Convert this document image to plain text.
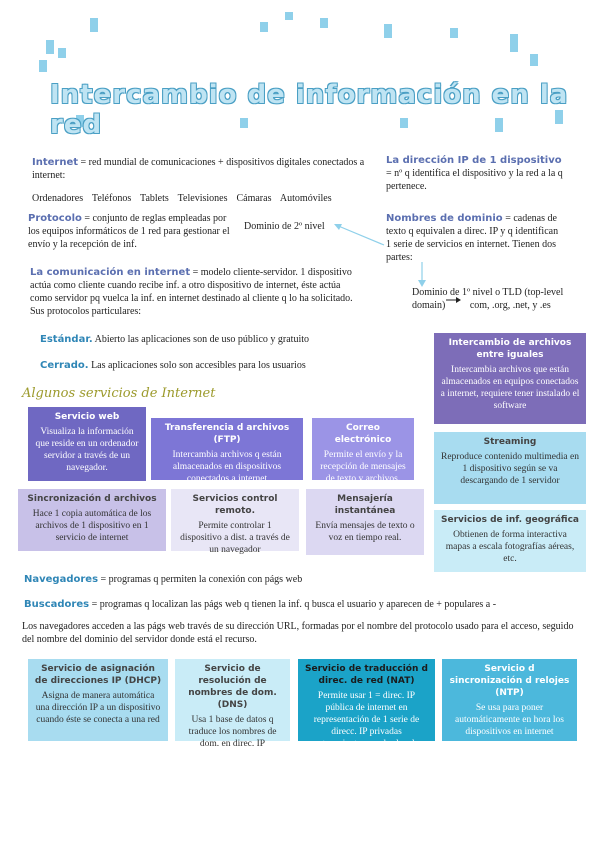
Intercambio de información en la red
Internet = red mundial de comunicaciones + dispositivos digitales conectados a internet:
Ordenadores Teléfonos Tablets Televisiones Cámaras Automóviles
Protocolo = conjunto de reglas empleadas por los equipos informáticos de 1 red para gestionar el envío y la recepción de inf.
Dominio de 2º nivel
La comunicación en internet = modelo cliente-servidor. 1 dispositivo actúa como cliente cuando recibe inf. a otro dispositivo de internet, éste actúa como servidor pq vuelca la inf. en internet destinado al cliente q lo ha solicitado. Sus protocolos particulares:
Estándar. Abierto las aplicaciones son de uso público y gratuito
Cerrado. Las aplicaciones solo son accesibles para los usuarios
La dirección IP de 1 dispositivo = nº q identifica el dispositivo y la red a la q pertenece.
Nombres de dominio = cadenas de texto q equivalen a direc. IP y q identifican 1 serie de servicios en internet. Tienen dos partes:
Dominio de 1º nivel o TLD (top-level
domain) com, .org, .net, y .es
Algunos servicios de Internet
Servicio web
Visualiza la información que reside en un ordenador servidor a través de un navegador.
Transferencia d archivos (FTP)
Intercambia archivos q están almacenados en dispositivos conectados a internet
Correo electrónico
Permite el envío y la recepción de mensajes de texto y archivos.
Intercambio de archivos entre iguales
Intercambia archivos que están almacenados en equipos conectados a internet, requiere tener instalado el software
Streaming
Reproduce contenido multimedia en 1 dispositivo según se va descargando de 1 servidor
Sincronización d archivos
Hace 1 copia automática de los archivos de 1 dispositivo en 1 servicio de internet
Servicios control remoto.
Permite controlar 1 dispositivo a dist. a través de un navegador
Mensajería instantánea
Envía mensajes de texto o voz en tiempo real.
Servicios de inf. geográfica
Obtienen de forma interactiva mapas a escala fotografías aéreas, etc.
Navegadores = programas q permiten la conexión con págs web
Buscadores = programas q localizan las págs web q tienen la inf. q busca el usuario y aparecen de + populares a -
Los navegadores acceden a las págs web través de su dirección URL, formadas por el nombre del protocolo usado para el acceso, seguido del nombre del dominio del servidor donde está el recurso.
Servicio de asignación de direcciones IP (DHCP)
Asigna de manera automática una dirección IP a un dispositivo cuando éste se conecta a una red
Servicio de resolución de nombres de dom. (DNS)
Usa 1 base de datos q traduce los nombres de dom. en direc. IP
Servicio de traducción d direc. de red (NAT)
Permite usar 1 = direc. IP pública de internet en representación de 1 serie de direcc. IP privadas pertenecientes a redes locales
Servicio d sincronización d relojes (NTP)
Se usa para poner automáticamente en hora los dispositivos en internet
